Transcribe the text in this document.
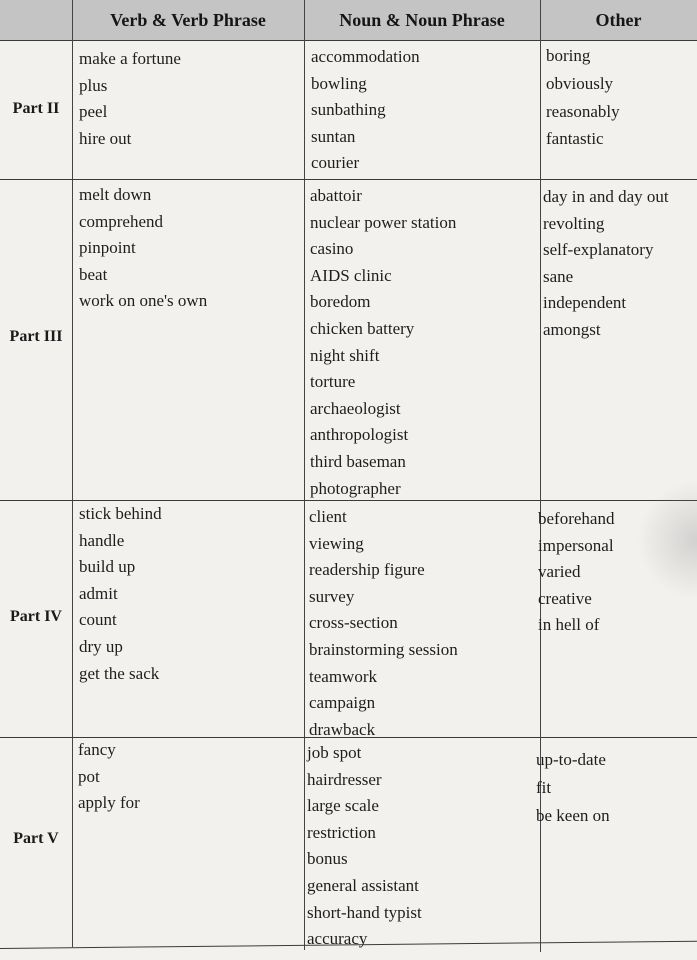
Verb & Verb Phrase	Noun & Noun Phrase	Other
Part II
make a fortune
plus
peel
hire out
accommodation
bowling
sunbathing
suntan
courier
boring
obviously
reasonably
fantastic
Part III
melt down
comprehend
pinpoint
beat
work on one's own
abattoir
nuclear power station
casino
AIDS clinic
boredom
chicken battery
night shift
torture
archaeologist
anthropologist
third baseman
photographer
day in and day out
revolting
self-explanatory
sane
independent
amongst
Part IV
stick behind
handle
build up
admit
count
dry up
get the sack
client
viewing
readership figure
survey
cross-section
brainstorming session
teamwork
campaign
drawback
beforehand
impersonal
varied
creative
in hell of
Part V
fancy
pot
apply for
job spot
hairdresser
large scale
restriction
bonus
general assistant
short-hand typist
accuracy
up-to-date
fit
be keen on
